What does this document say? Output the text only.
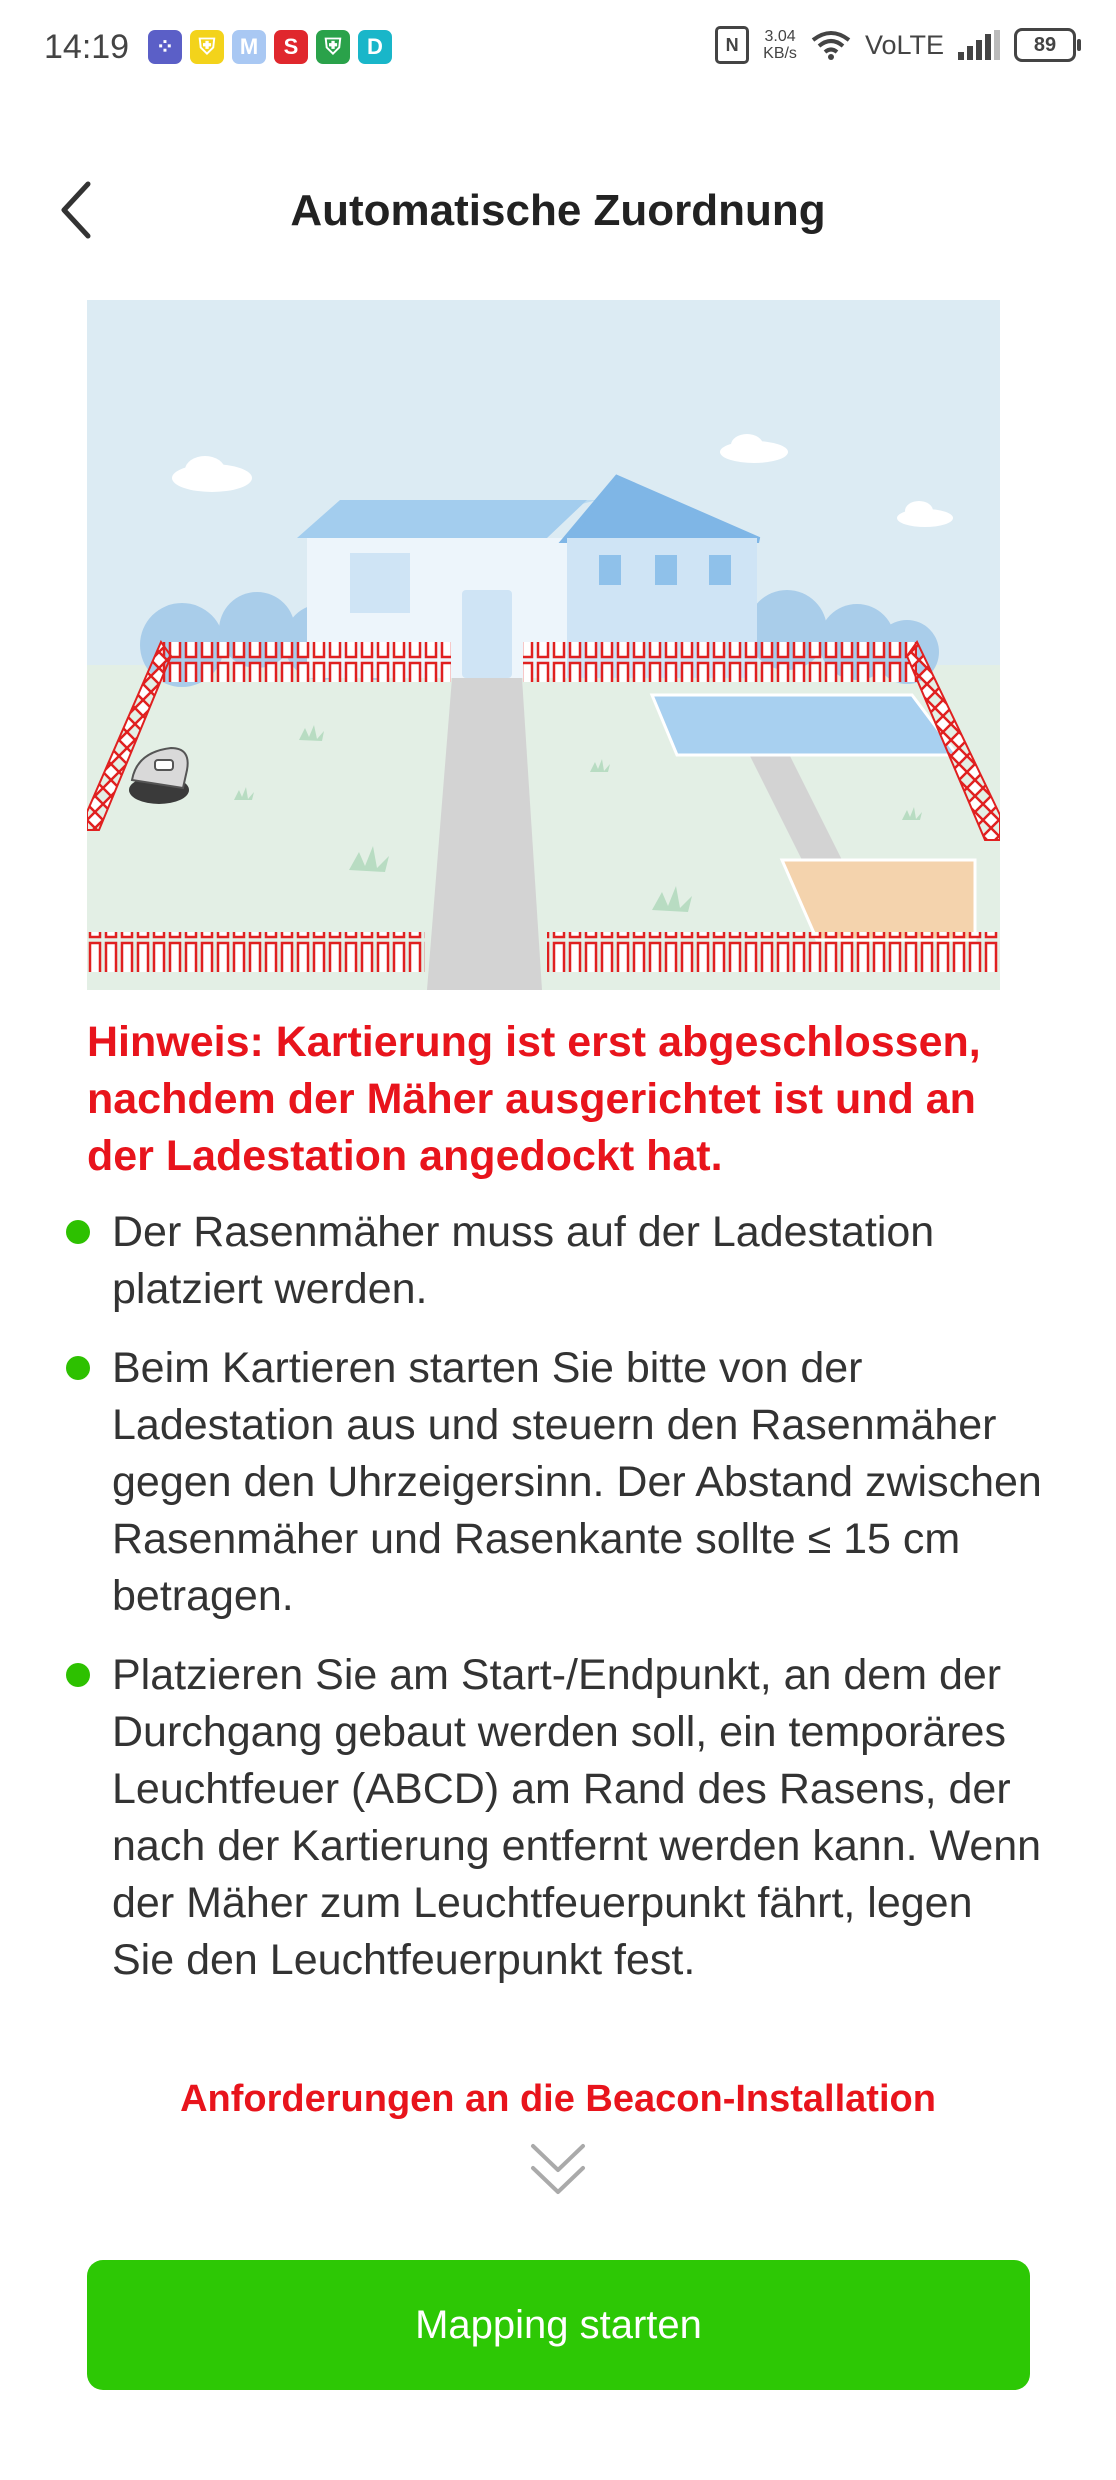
14:19	⁘	⛨	M	S	⛨	D	N	3.04
KB/s	VoLTE	89
Automatische Zuordnung
Hinweis: Kartierung ist erst abgeschlossen, nachdem der Mäher ausgerichtet ist und an der Ladestation angedockt hat.
Der Rasenmäher muss auf der Ladestation platziert werden.
Beim Kartieren starten Sie bitte von der Ladestation aus und steuern den Rasenmäher gegen den Uhrzeigersinn. Der Abstand zwischen Rasenmäher und Rasenkante sollte ≤ 15 cm betragen.
Platzieren Sie am Start-/Endpunkt, an dem der Durchgang gebaut werden soll, ein temporäres Leuchtfeuer (ABCD) am Rand des Rasens, der nach der Kartierung entfernt werden kann. Wenn der Mäher zum Leuchtfeuerpunkt fährt, legen Sie den Leuchtfeuerpunkt fest.
Anforderungen an die Beacon-Installation
Mapping starten
